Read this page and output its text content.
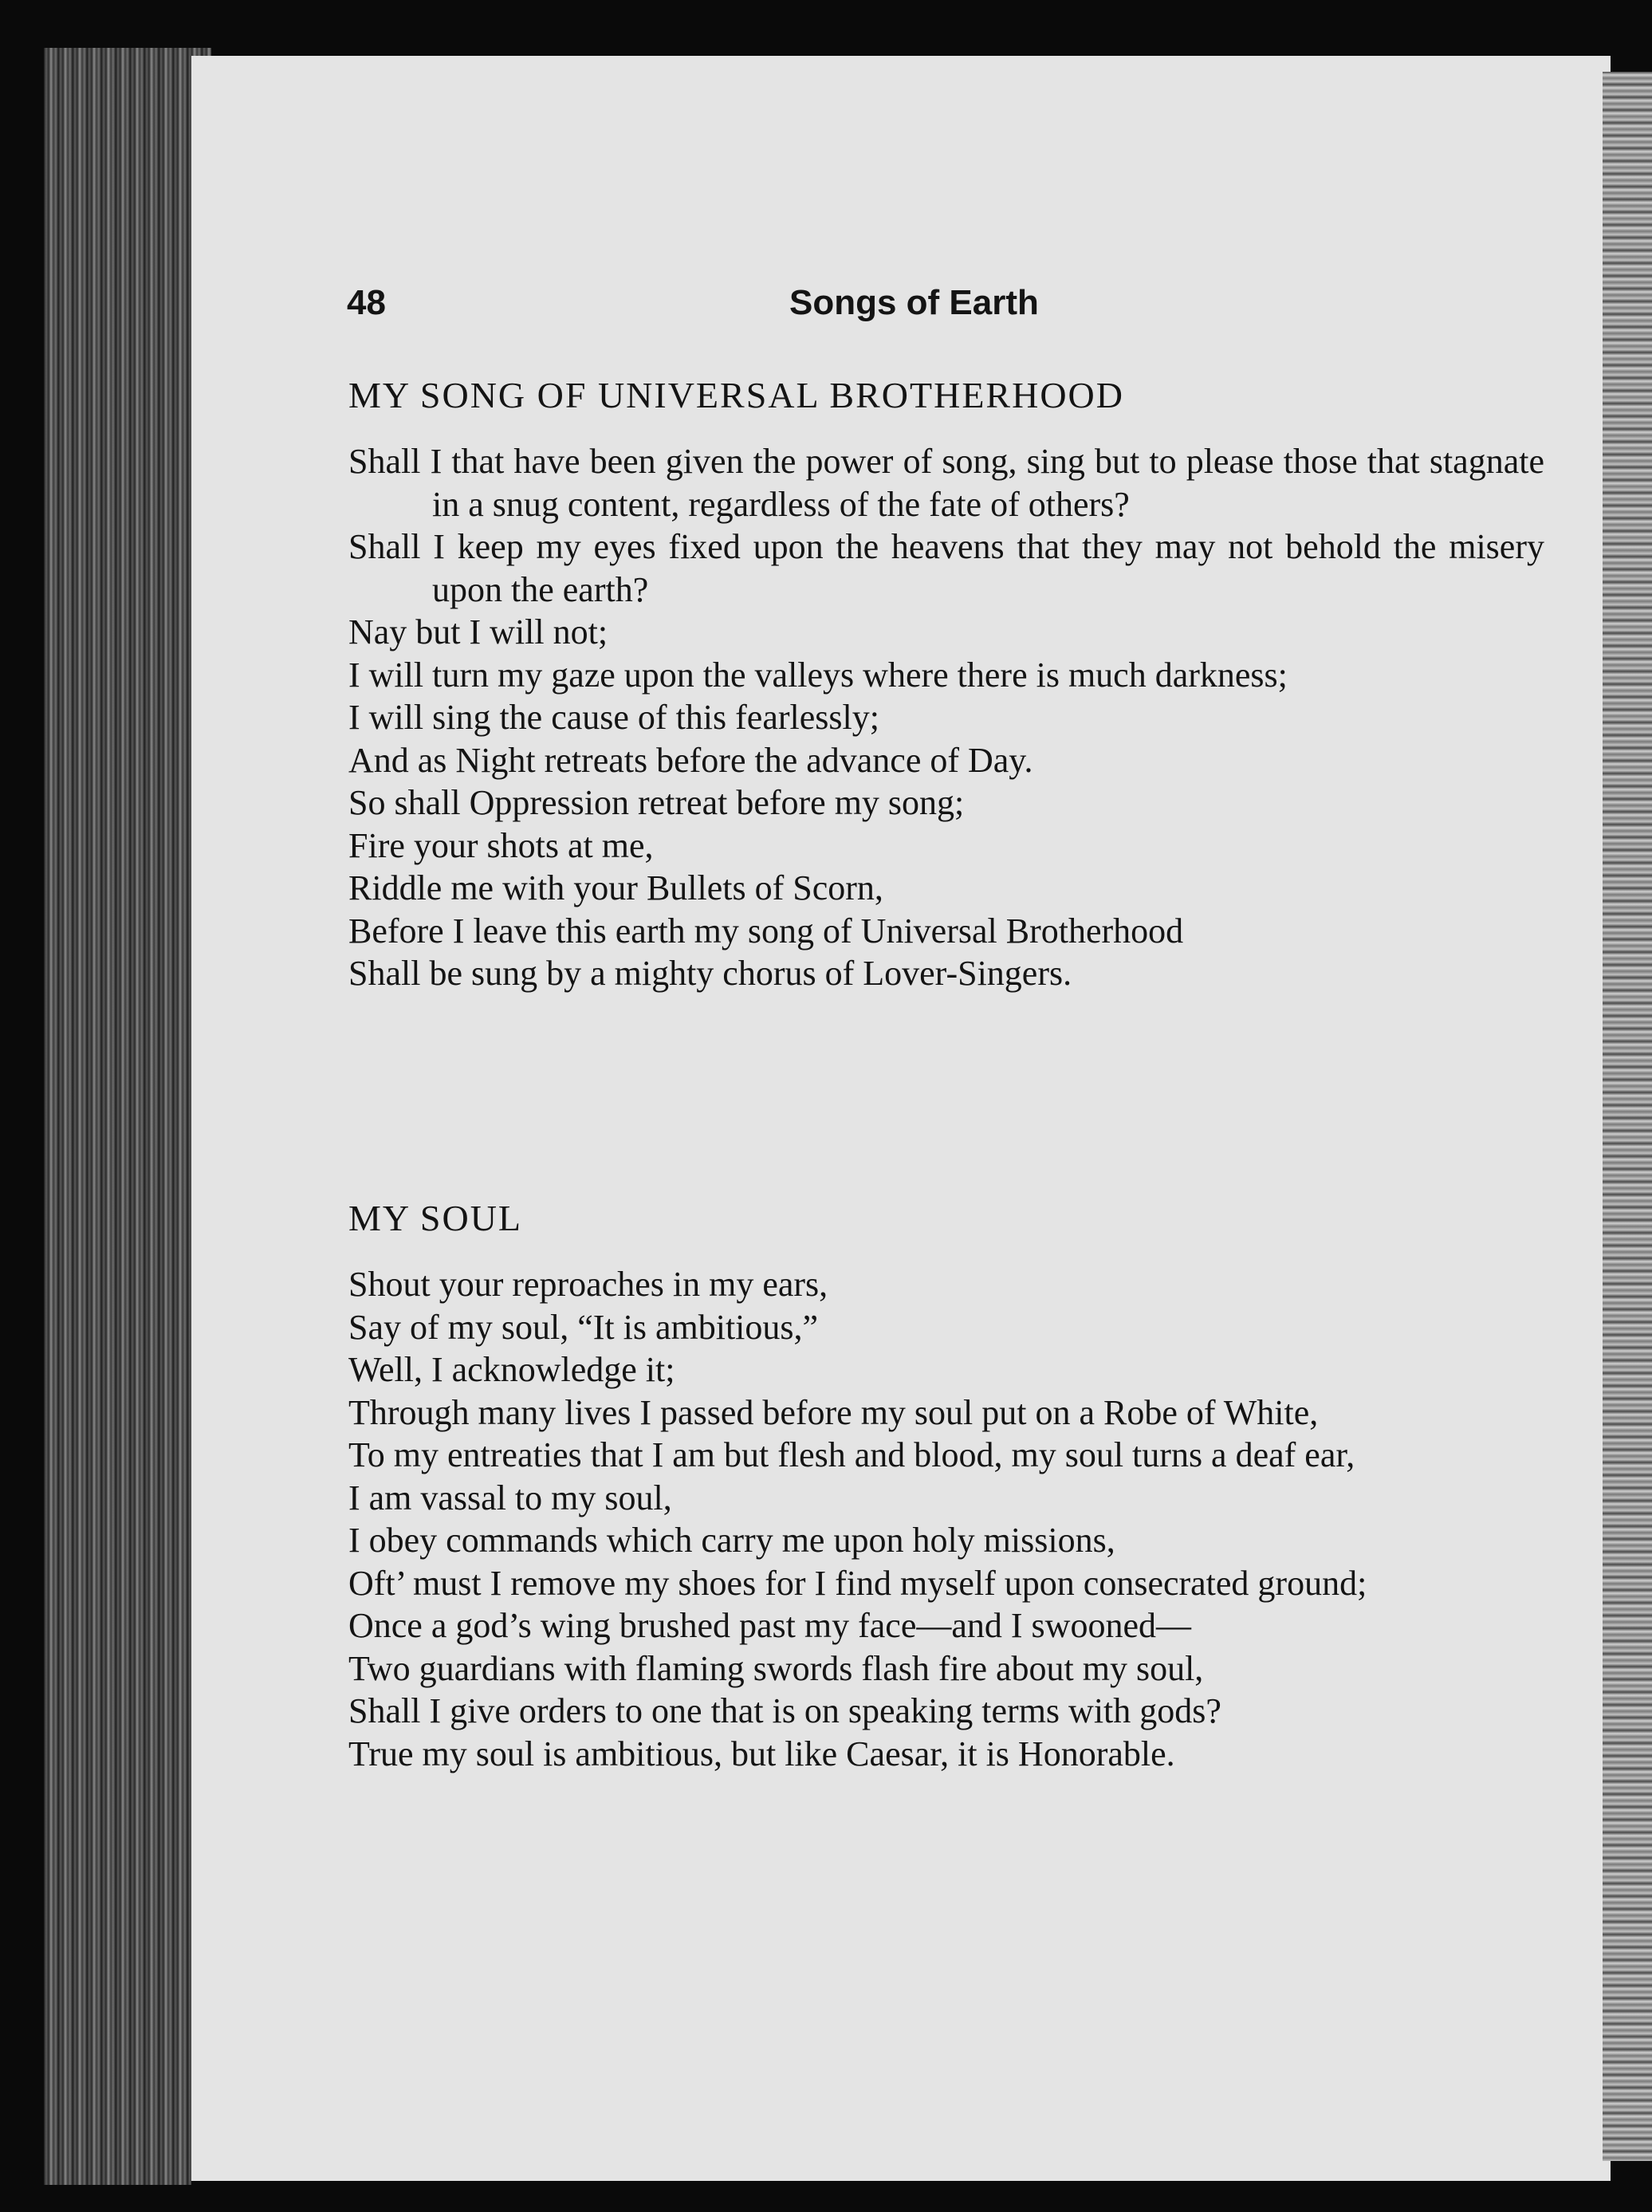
48	Songs of Earth
MY SONG OF UNIVERSAL BROTHERHOOD
Shall I that have been given the power of song, sing but to please those that stagnate in a snug content, regardless of the fate of others?
Shall I keep my eyes fixed upon the heavens that they may not behold the misery upon the earth?
Nay but I will not;
I will turn my gaze upon the valleys where there is much darkness;
I will sing the cause of this fearlessly;
And as Night retreats before the advance of Day.
So shall Oppression retreat before my song;
Fire your shots at me,
Riddle me with your Bullets of Scorn,
Before I leave this earth my song of Universal Brotherhood
Shall be sung by a mighty chorus of Lover-Singers.
MY SOUL
Shout your reproaches in my ears,
Say of my soul, “It is ambitious,”
Well, I acknowledge it;
Through many lives I passed before my soul put on a Robe of White,
To my entreaties that I am but flesh and blood, my soul turns a deaf ear,
I am vassal to my soul,
I obey commands which carry me upon holy missions,
Oft’ must I remove my shoes for I find myself upon consecrated ground;
Once a god’s wing brushed past my face—and I swooned—
Two guardians with flaming swords flash fire about my soul,
Shall I give orders to one that is on speaking terms with gods?
True my soul is ambitious, but like Caesar, it is Honorable.
